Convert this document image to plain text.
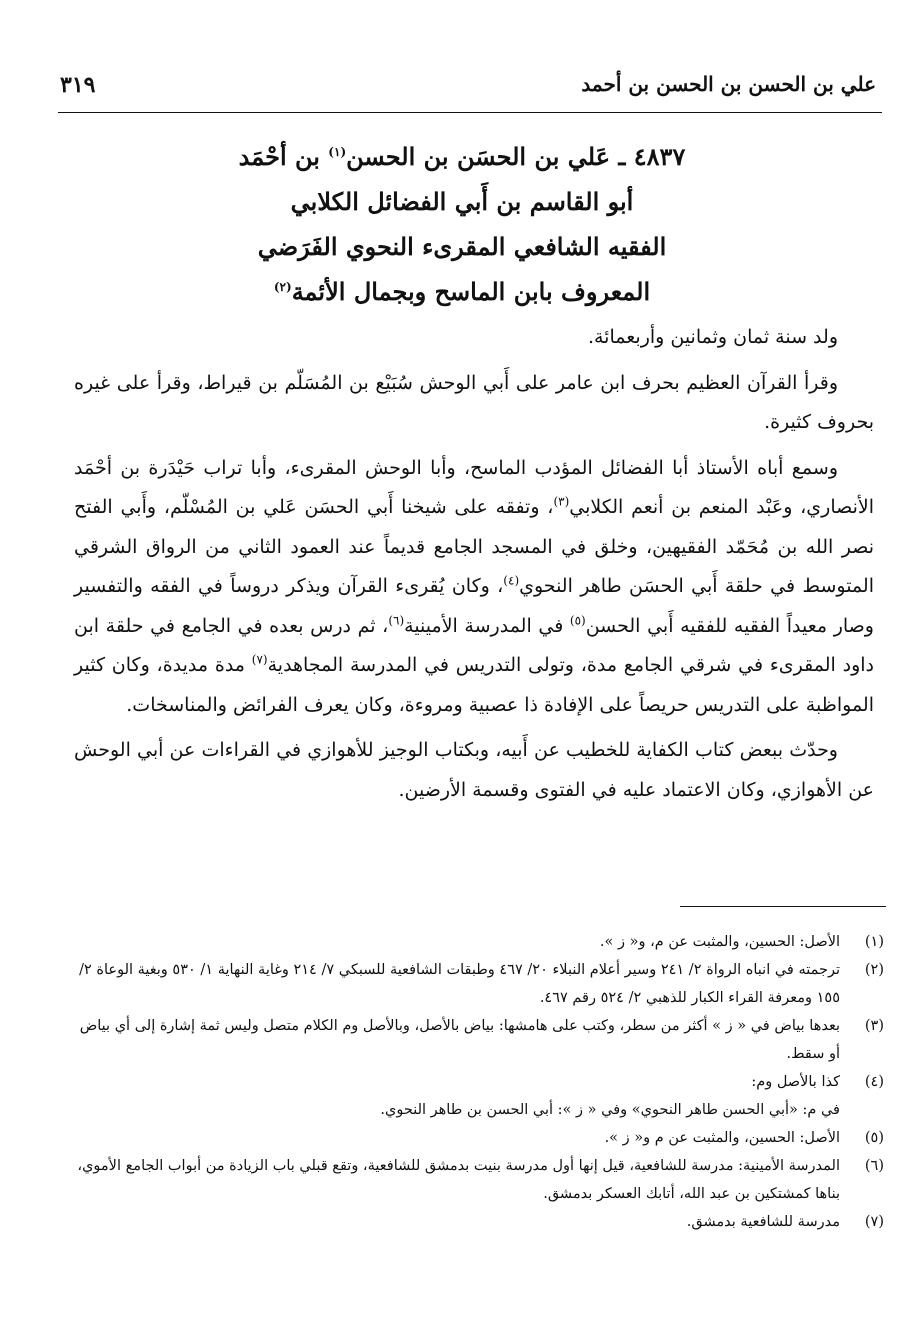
علي بن الحسن بن الحسن بن أحمد
٣١٩
٤٨٣٧ ـ عَلي بن الحسَن بن الحسن$^{(١)}$ بن أحْمَد
أبو القاسم بن أَبي الفضائل الكلابي
الفقيه الشافعي المقرىء النحوي الفَرَضي
المعروف بابن الماسح وبجمال الأئمة$^{(٢)}$

ولد سنة ثمان وثمانين وأربعمائة.

وقرأ القرآن العظيم بحرف ابن عامر على أَبي الوحش سُبَيْع بن المُسَلّم بن قيراط، وقرأ على غيره بحروف كثيرة.

وسمع أباه الأستاذ أبا الفضائل المؤدب الماسح، وأبا الوحش المقرىء، وأبا تراب حَيْدَرة بن أحْمَد الأنصاري، وعَبْد المنعم بن أنعم الكلابي$^{(٣)}$، وتفقه على شيخنا أَبي الحسَن عَلي بن المُسْلّم، وأَبي الفتح نصر الله بن مُحَمّد الفقيهين، وخلق في المسجد الجامع قديماً عند العمود الثاني من الرواق الشرقي المتوسط في حلقة أَبي الحسَن طاهر النحوي$^{(٤)}$، وكان يُقرىء القرآن ويذكر دروساً في الفقه والتفسير وصار معيداً الفقيه للفقيه أَبي الحسن$^{(٥)}$ في المدرسة الأمينية$^{(٦)}$، ثم درس بعده في الجامع في حلقة ابن داود المقرىء في شرقي الجامع مدة، وتولى التدريس في المدرسة المجاهدية$^{(٧)}$ مدة مديدة، وكان كثير المواظبة على التدريس حريصاً على الإفادة ذا عصبية ومروءة، وكان يعرف الفرائض والمناسخات.

وحدّث ببعض كتاب الكفاية للخطيب عن أَبيه، وبكتاب الوجيز للأهوازي في القراءات عن أبي الوحش عن الأهوازي، وكان الاعتماد عليه في الفتوى وقسمة الأرضين.

(١)
الأصل: الحسين، والمثبت عن م، و« ز ».
(٢)
ترجمته في انباه الرواة ٢/ ٢٤١ وسير أعلام النبلاء ٢٠/ ٤٦٧ وطبقات الشافعية للسبكي ٧/ ٢١٤ وغاية النهاية ١/ ٥٣٠ وبغية الوعاة ٢/ ١٥٥ ومعرفة القراء الكبار للذهبي ٢/ ٥٢٤ رقم ٤٦٧.
(٣)
بعدها بياض في « ز » أكثر من سطر، وكتب على هامشها: بياض بالأصل، وبالأصل وم الكلام متصل وليس ثمة إشارة إلى أي بياض أو سقط.
(٤)
كذا بالأصل وم:
في م: «أبي الحسن طاهر النحوي» وفي « ز »: أبي الحسن بن طاهر النحوي.
(٥)
الأصل: الحسين، والمثبت عن م و« ز ».
(٦)
المدرسة الأمينية: مدرسة للشافعية، قيل إنها أول مدرسة بنيت بدمشق للشافعية، وتقع قبلي باب الزيادة من أبواب الجامع الأموي، بناها كمشتكين بن عبد الله، أتابك العسكر بدمشق.
(٧)
مدرسة للشافعية بدمشق.
